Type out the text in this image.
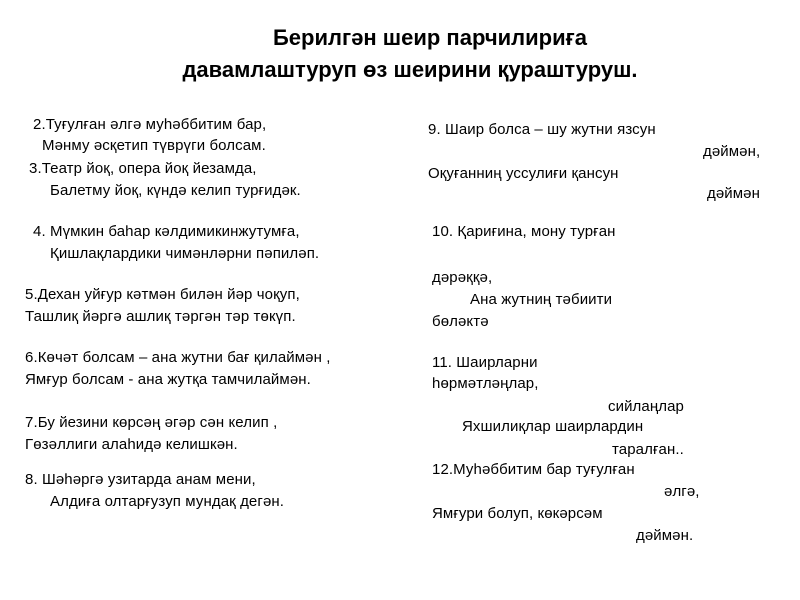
Берилгән шеир парчилириға
давамлаштуруп өз шеирини қураштуруш.
2.Туғулған әлгә муһәббитим бар,
Мәнму әсқетип түврүги болсам.
3.Театр йоқ, опера йоқ йезамда,
Балетму йоқ, күндә келип турғидәк.
4. Мүмкин баһар кәлдимикинжутумға,
Қишлақлардики чимәнләрни пәпиләп.
5.Дехан уйғур кәтмән билән йәр чоқуп,
Ташлиқ йәргә ашлиқ тәргән тәр төкүп.
6.Көчәт болсам – ана жутни бағ қилаймән ,
Ямғур болсам - ана жутқа тамчилаймән.
7.Бу йезини көрсәң әгәр сән келип ,
Гөзәллиги алаһидә келишкән.
8. Шәһәргә узитарда анам мени,
Алдиға олтарғузуп мундақ дегән.
9. Шаир болса – шу жутни язсун
дәймән,
Оқуғанниң уссулиғи қансун
дәймән
10. Қариғина, мону турған
дәрәққә,
Ана жутниң тәбиити
бөләктә
11. Шаирларни
һөрмәтләңлар,
сийлаңлар
Яхшилиқлар шаирлардин
таралған..
12.Муһәббитим бар туғулған
әлгә,
Ямғури болуп, көкәрсәм
дәймән.
